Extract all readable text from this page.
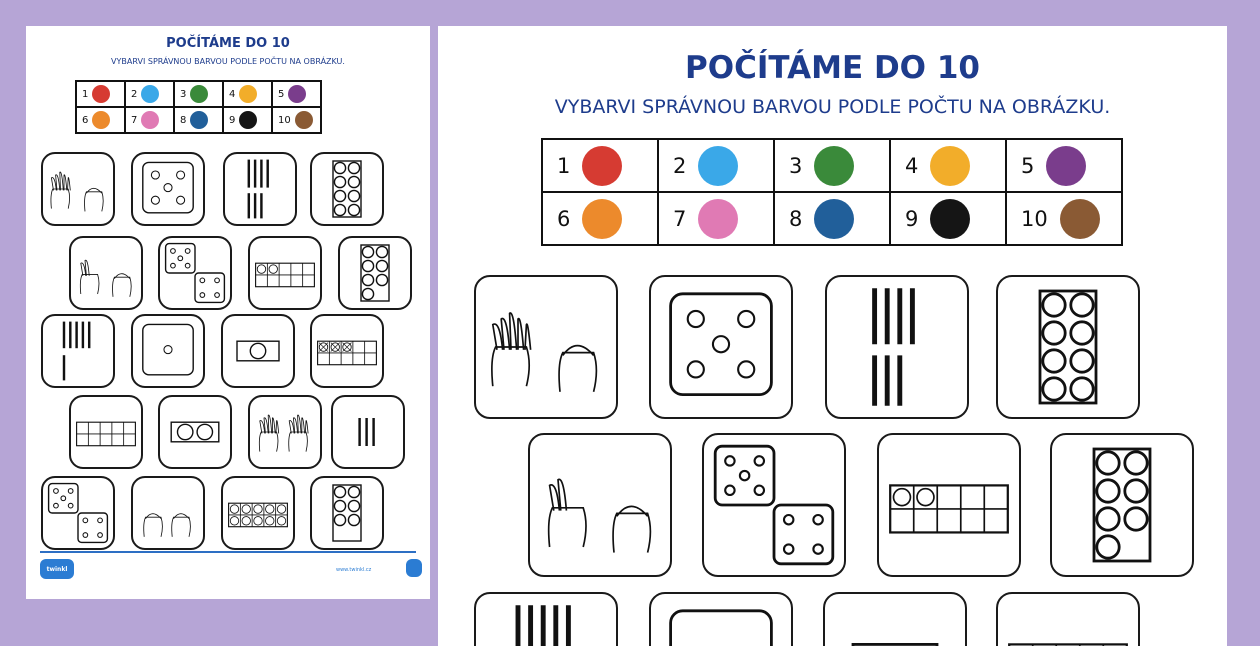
POČÍTÁME DO 10
VYBARVI SPRÁVNOU BARVOU PODLE POČTU NA OBRÁZKU.
1	2	3	4	5

6	7	8	9	10
twinkl	www.twinkl.cz
POČÍTÁME DO 10
VYBARVI SPRÁVNOU BARVOU PODLE POČTU NA OBRÁZKU.
1	2	3	4	5

6	7	8	9	10
